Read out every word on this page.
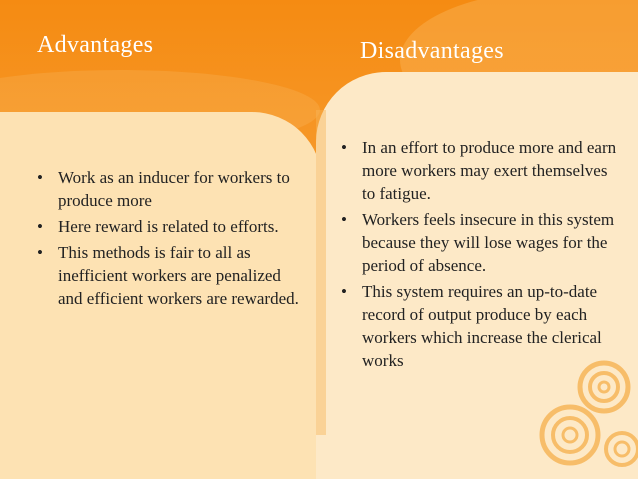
Advantages	Disadvantages
• Work as an inducer for workers to produce more
• Here reward is related to efforts.
• This methods is fair to all as inefficient workers are penalized and efficient workers are rewarded.
• In an effort to produce more and earn more workers may exert themselves to fatigue.
• Workers feels insecure in this system because they will lose wages for the period of absence.
• This system requires an up-to-date record of output produce by each workers which increase the clerical works
